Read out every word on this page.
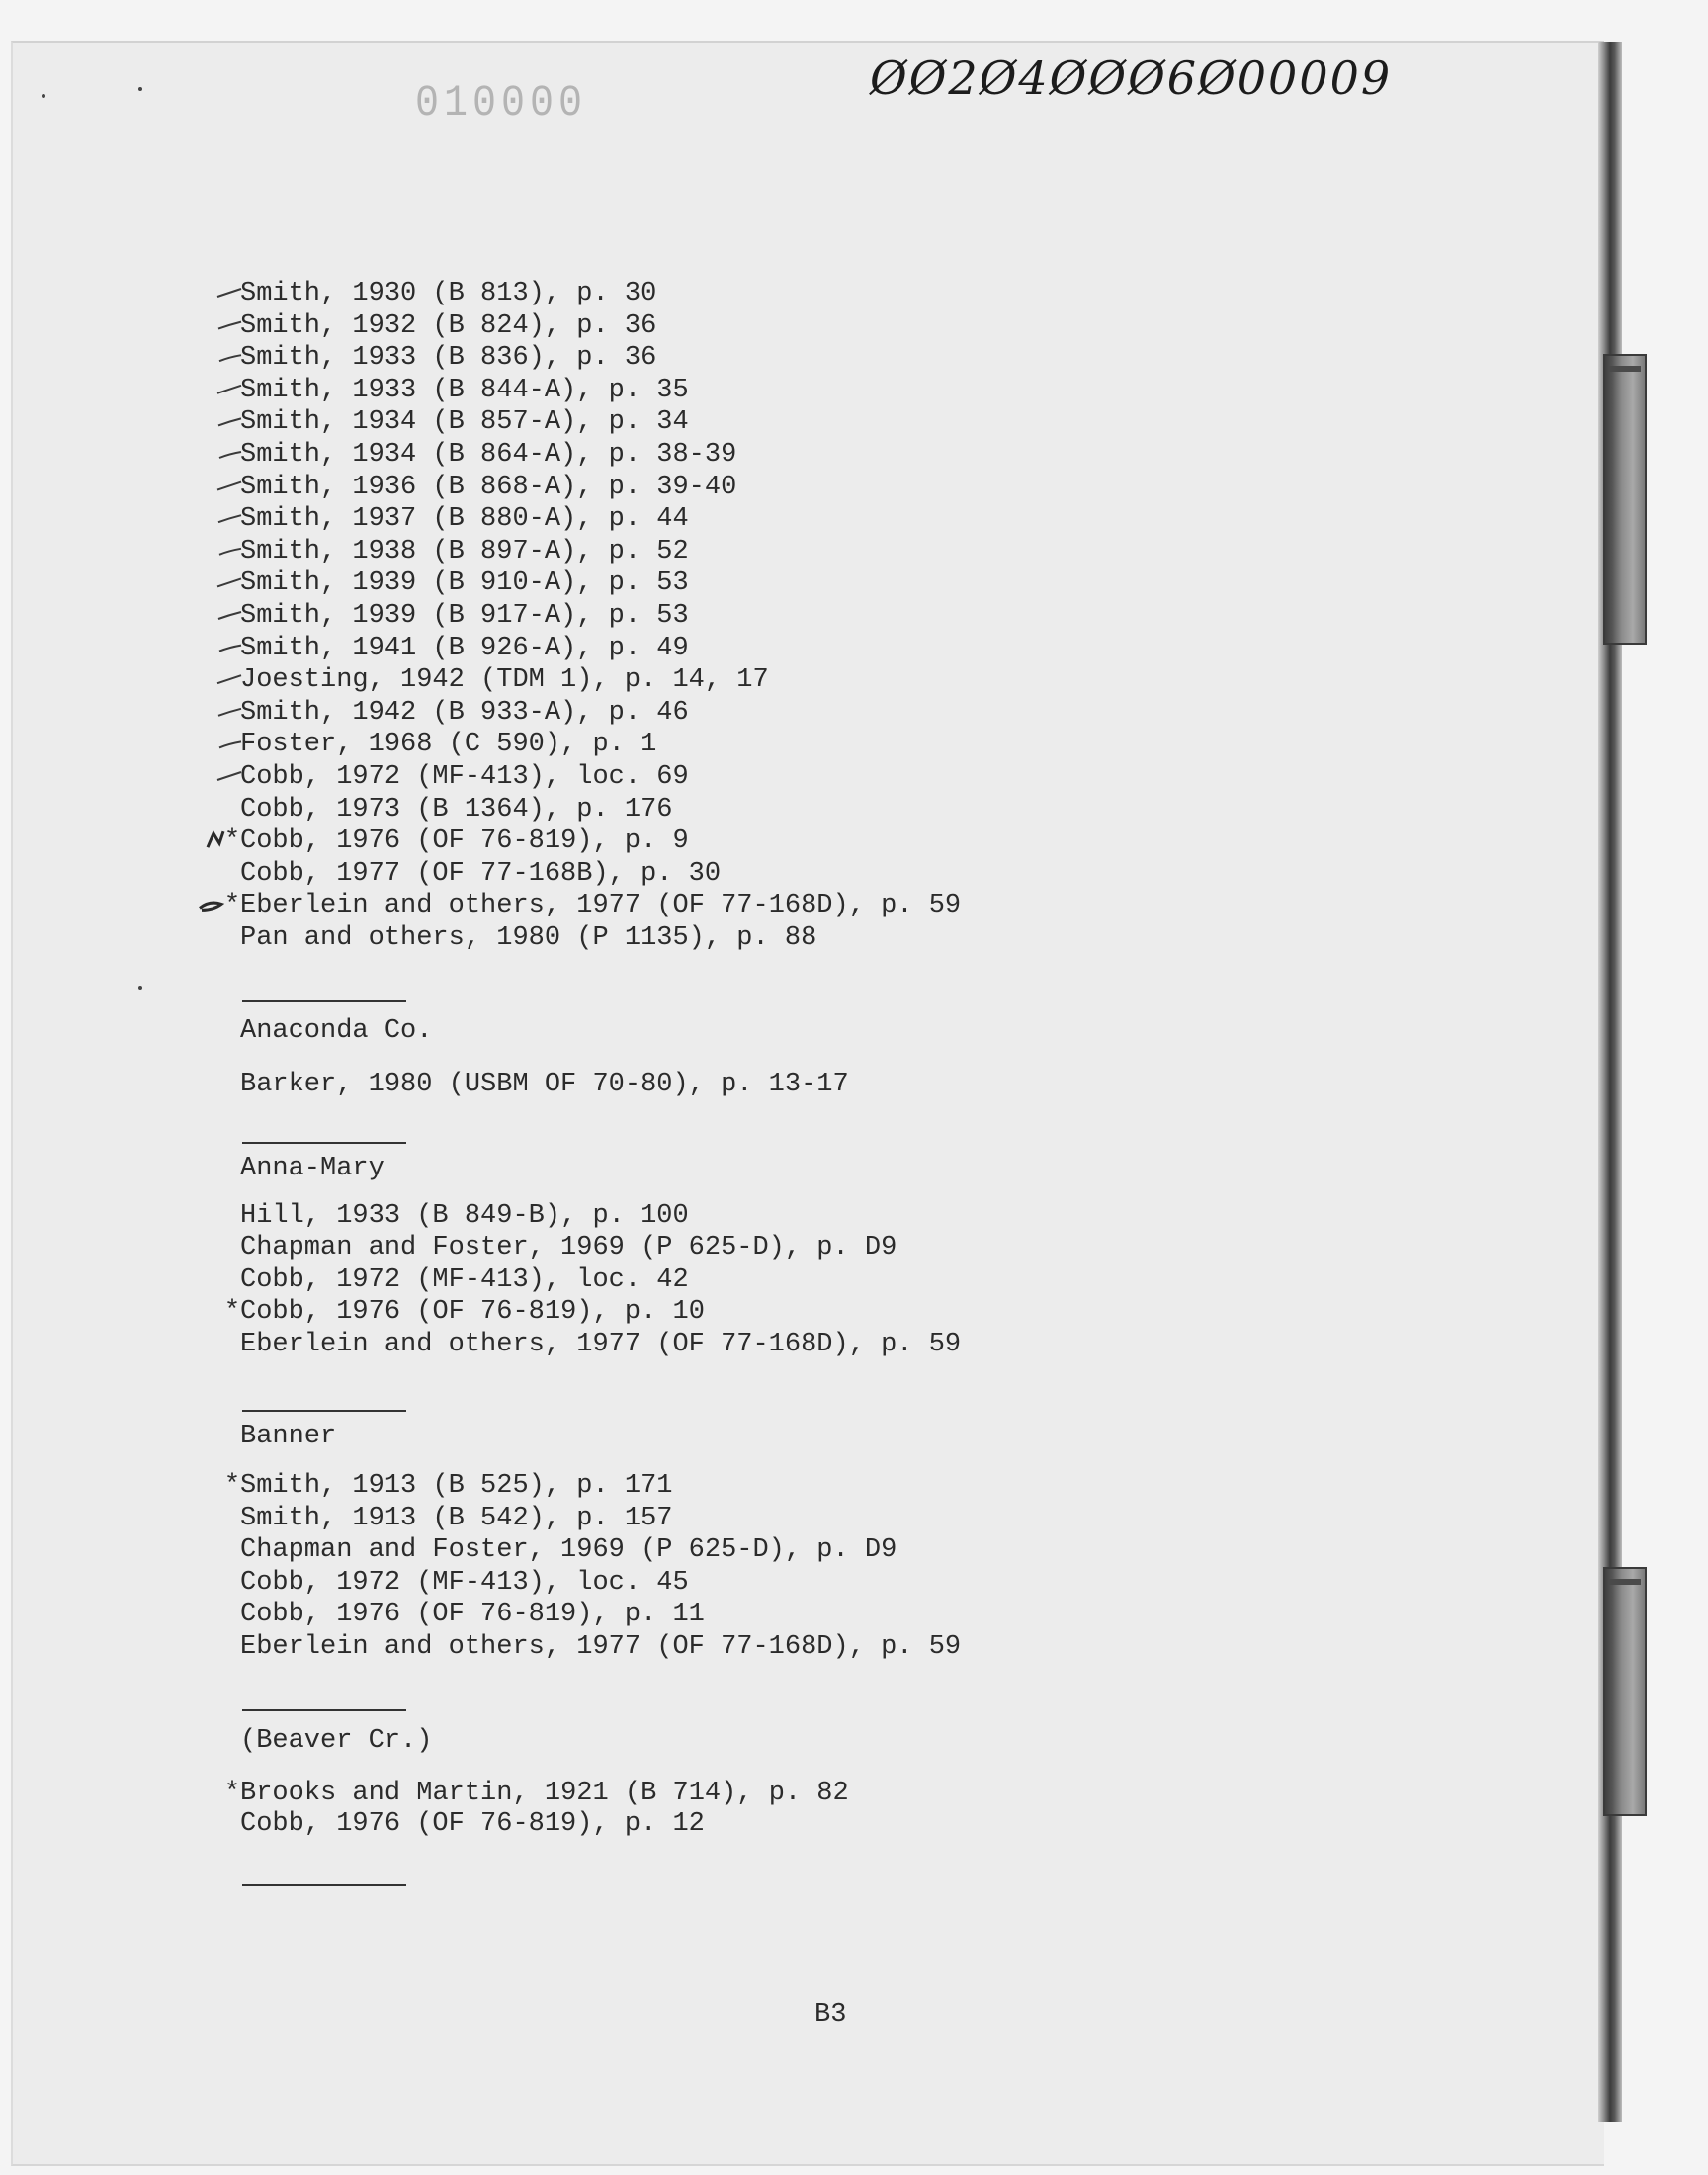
010000	ØØ2Ø4ØØØ6Ø00009
Smith, 1930 (B 813), p. 30
Smith, 1932 (B 824), p. 36
Smith, 1933 (B 836), p. 36
Smith, 1933 (B 844-A), p. 35
Smith, 1934 (B 857-A), p. 34
Smith, 1934 (B 864-A), p. 38-39
Smith, 1936 (B 868-A), p. 39-40
Smith, 1937 (B 880-A), p. 44
Smith, 1938 (B 897-A), p. 52
Smith, 1939 (B 910-A), p. 53
Smith, 1939 (B 917-A), p. 53
Smith, 1941 (B 926-A), p. 49
Joesting, 1942 (TDM 1), p. 14, 17
Smith, 1942 (B 933-A), p. 46
Foster, 1968 (C 590), p. 1
Cobb, 1972 (MF-413), loc. 69
Cobb, 1973 (B 1364), p. 176
*Cobb, 1976 (OF 76-819), p. 9
Cobb, 1977 (OF 77-168B), p. 30
*Eberlein and others, 1977 (OF 77-168D), p. 59
Pan and others, 1980 (P 1135), p. 88
Anaconda Co.
Barker, 1980 (USBM OF 70-80), p. 13-17
Anna-Mary
Hill, 1933 (B 849-B), p. 100
Chapman and Foster, 1969 (P 625-D), p. D9
Cobb, 1972 (MF-413), loc. 42
*Cobb, 1976 (OF 76-819), p. 10
Eberlein and others, 1977 (OF 77-168D), p. 59
Banner
*Smith, 1913 (B 525), p. 171
Smith, 1913 (B 542), p. 157
Chapman and Foster, 1969 (P 625-D), p. D9
Cobb, 1972 (MF-413), loc. 45
Cobb, 1976 (OF 76-819), p. 11
Eberlein and others, 1977 (OF 77-168D), p. 59
(Beaver Cr.)
*Brooks and Martin, 1921 (B 714), p. 82
Cobb, 1976 (OF 76-819), p. 12
B3
